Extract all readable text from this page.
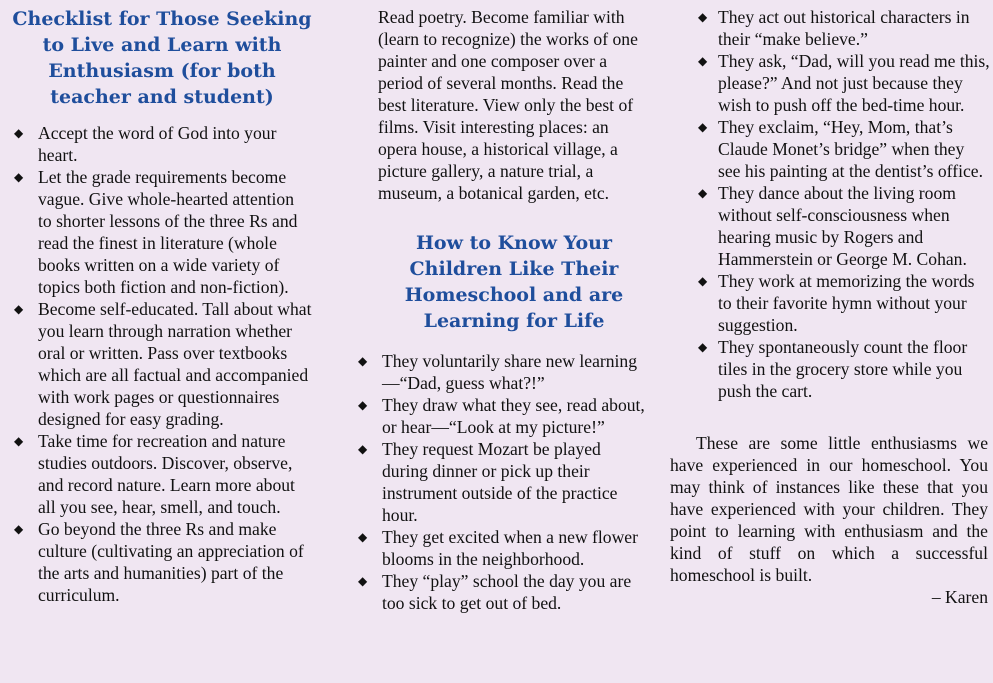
Checklist for Those Seeking to Live and Learn with Enthusiasm (for both teacher and student)
◆ Accept the word of God into your heart.
◆ Let the grade requirements become vague. Give whole-hearted attention to shorter lessons of the three Rs and read the finest in literature (whole books written on a wide variety of topics both fiction and non-fiction).
◆ Become self-educated. Tall about what you learn through narration whether oral or written. Pass over textbooks which are all factual and accompanied with work pages or questionnaires designed for easy grading.
◆ Take time for recreation and nature studies outdoors. Discover, observe, and record nature. Learn more about all you see, hear, smell, and touch.
◆ Go beyond the three Rs and make culture (cultivating an appreciation of the arts and humanities) part of the curriculum.
Read poetry. Become familiar with (learn to recognize) the works of one painter and one composer over a period of several months. Read the best literature. View only the best of films. Visit interesting places: an opera house, a historical village, a picture gallery, a nature trial, a museum, a botanical garden, etc.
How to Know Your Children Like Their Homeschool and are Learning for Life
◆ They voluntarily share new learning—“Dad, guess what?!”
◆ They draw what they see, read about, or hear—“Look at my picture!”
◆ They request Mozart be played during dinner or pick up their instrument outside of the practice hour.
◆ They get excited when a new flower blooms in the neighborhood.
◆ They “play” school the day you are too sick to get out of bed.
◆ They act out historical characters in their “make believe.”
◆ They ask, “Dad, will you read me this, please?” And not just because they wish to push off the bed-time hour.
◆ They exclaim, “Hey, Mom, that’s Claude Monet’s bridge” when they see his painting at the dentist’s office.
◆ They dance about the living room without self-consciousness when hearing music by Rogers and Hammerstein or George M. Cohan.
◆ They work at memorizing the words to their favorite hymn without your suggestion.
◆ They spontaneously count the floor tiles in the grocery store while you push the cart.

These are some little enthusiasms we have experienced in our homeschool. You may think of instances like these that you have experienced with your children. They point to learning with enthusiasm and the kind of stuff on which a successful homeschool is built.

– Karen
